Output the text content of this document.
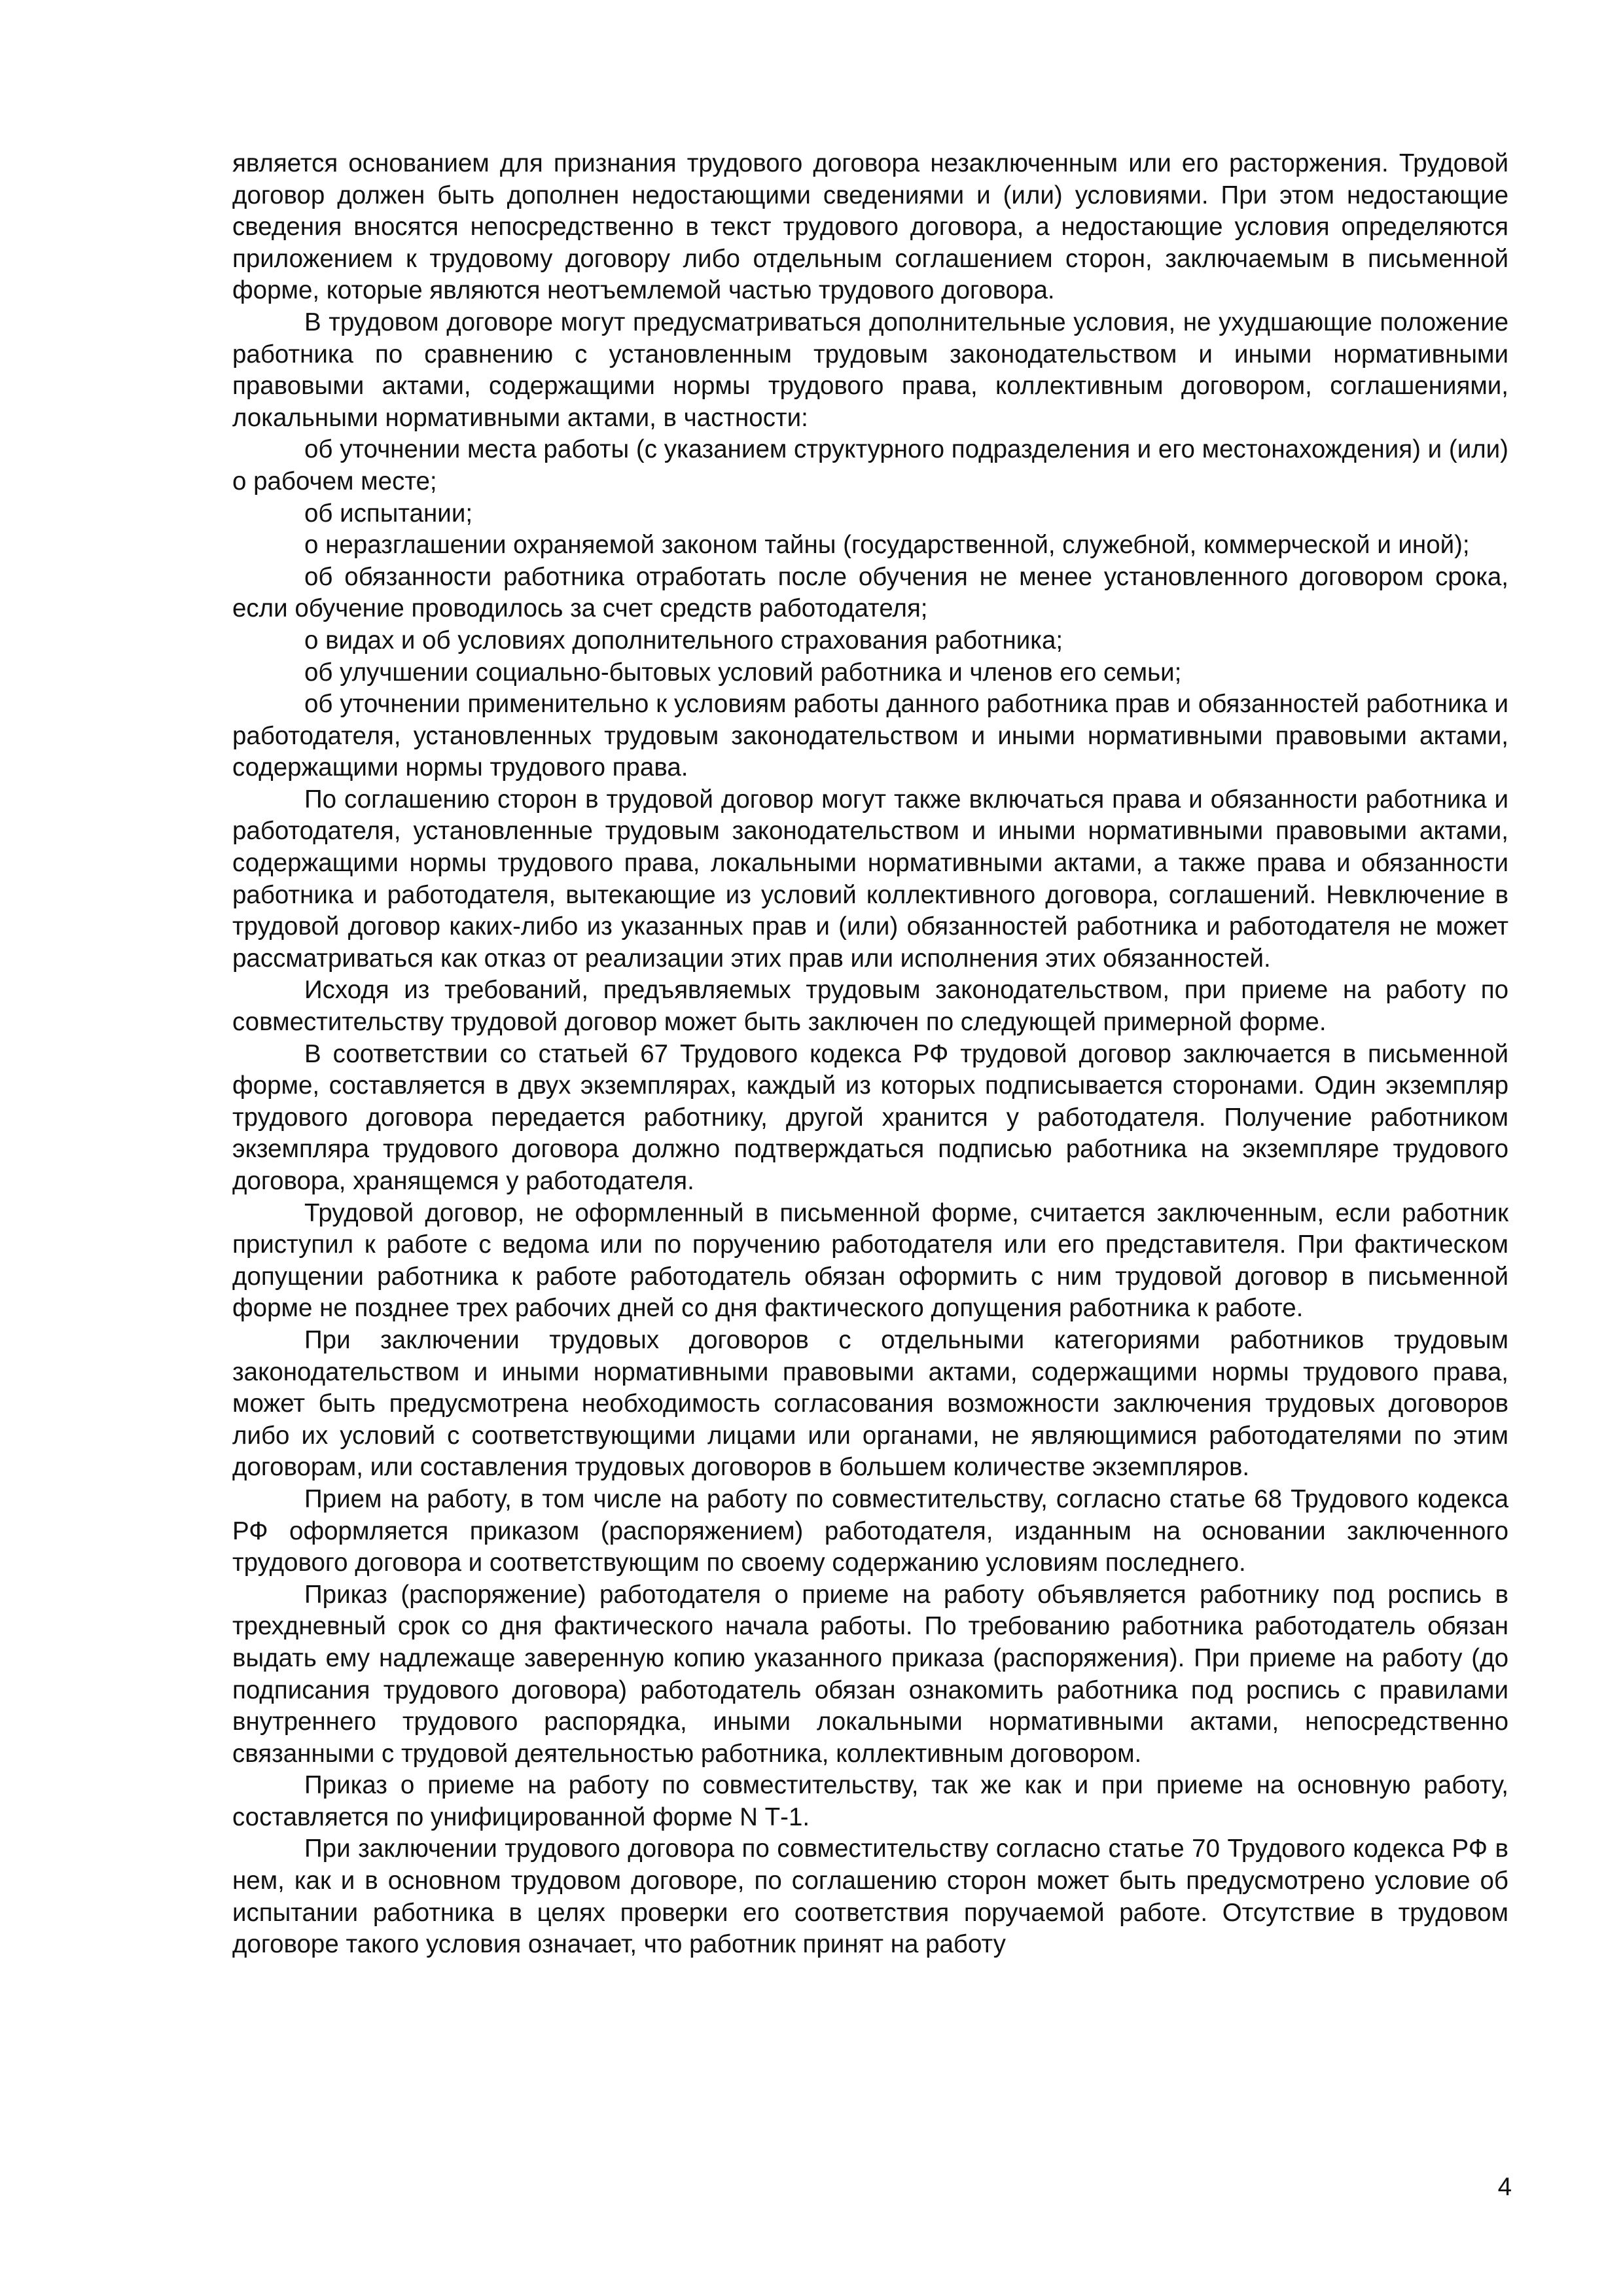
является основанием для признания трудового договора незаключенным или его расторжения. Трудовой договор должен быть дополнен недостающими сведениями и (или) условиями. При этом недостающие сведения вносятся непосредственно в текст трудового договора, а недостающие условия определяются приложением к трудовому договору либо отдельным соглашением сторон, заключаемым в письменной форме, которые являются неотъемлемой частью трудового договора.

В трудовом договоре могут предусматриваться дополнительные условия, не ухудшающие положение работника по сравнению с установленным трудовым законодательством и иными нормативными правовыми актами, содержащими нормы трудового права, коллективным договором, соглашениями, локальными нормативными актами, в частности:

об уточнении места работы (с указанием структурного подразделения и его местонахождения) и (или) о рабочем месте;

об испытании;

о неразглашении охраняемой законом тайны (государственной, служебной, коммерческой и иной);

об обязанности работника отработать после обучения не менее установленного договором срока, если обучение проводилось за счет средств работодателя;

о видах и об условиях дополнительного страхования работника;

об улучшении социально-бытовых условий работника и членов его семьи;

об уточнении применительно к условиям работы данного работника прав и обязанностей работника и работодателя, установленных трудовым законодательством и иными нормативными правовыми актами, содержащими нормы трудового права.

По соглашению сторон в трудовой договор могут также включаться права и обязанности работника и работодателя, установленные трудовым законодательством и иными нормативными правовыми актами, содержащими нормы трудового права, локальными нормативными актами, а также права и обязанности работника и работодателя, вытекающие из условий коллективного договора, соглашений. Невключение в трудовой договор каких-либо из указанных прав и (или) обязанностей работника и работодателя не может рассматриваться как отказ от реализации этих прав или исполнения этих обязанностей.

Исходя из требований, предъявляемых трудовым законодательством, при приеме на работу по совместительству трудовой договор может быть заключен по следующей примерной форме.

В соответствии со статьей 67 Трудового кодекса РФ трудовой договор заключается в письменной форме, составляется в двух экземплярах, каждый из которых подписывается сторонами. Один экземпляр трудового договора передается работнику, другой хранится у работодателя. Получение работником экземпляра трудового договора должно подтверждаться подписью работника на экземпляре трудового договора, хранящемся у работодателя.

Трудовой договор, не оформленный в письменной форме, считается заключенным, если работник приступил к работе с ведома или по поручению работодателя или его представителя. При фактическом допущении работника к работе работодатель обязан оформить с ним трудовой договор в письменной форме не позднее трех рабочих дней со дня фактического допущения работника к работе.

При заключении трудовых договоров с отдельными категориями работников трудовым законодательством и иными нормативными правовыми актами, содержащими нормы трудового права, может быть предусмотрена необходимость согласования возможности заключения трудовых договоров либо их условий с соответствующими лицами или органами, не являющимися работодателями по этим договорам, или составления трудовых договоров в большем количестве экземпляров.

Прием на работу, в том числе на работу по совместительству, согласно статье 68 Трудового кодекса РФ оформляется приказом (распоряжением) работодателя, изданным на основании заключенного трудового договора и соответствующим по своему содержанию условиям последнего.

Приказ (распоряжение) работодателя о приеме на работу объявляется работнику под роспись в трехдневный срок со дня фактического начала работы. По требованию работника работодатель обязан выдать ему надлежаще заверенную копию указанного приказа (распоряжения). При приеме на работу (до подписания трудового договора) работодатель обязан ознакомить работника под роспись с правилами внутреннего трудового распорядка, иными локальными нормативными актами, непосредственно связанными с трудовой деятельностью работника, коллективным договором.

Приказ о приеме на работу по совместительству, так же как и при приеме на основную работу, составляется по унифицированной форме N Т-1.

При заключении трудового договора по совместительству согласно статье 70 Трудового кодекса РФ в нем, как и в основном трудовом договоре, по соглашению сторон может быть предусмотрено условие об испытании работника в целях проверки его соответствия поручаемой работе. Отсутствие в трудовом договоре такого условия означает, что работник принят на работу

4
